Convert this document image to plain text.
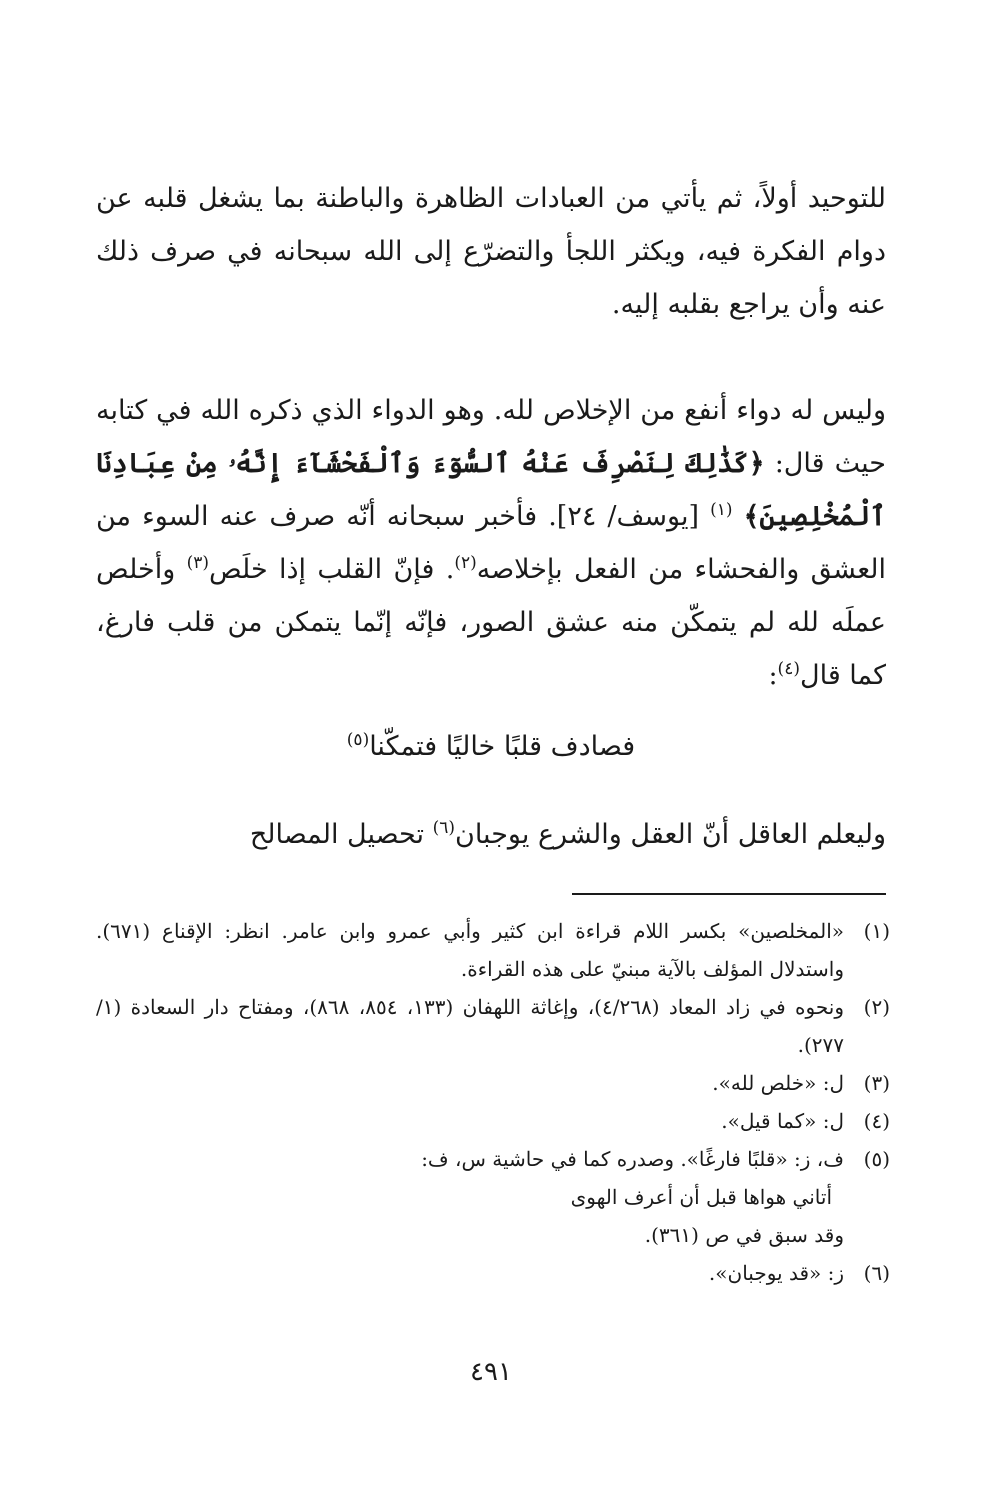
للتوحيد أولاً، ثم يأتي من العبادات الظاهرة والباطنة بما يشغل قلبه عن دوام الفكرة فيه، ويكثر اللجأ والتضرّع إلى الله سبحانه في صرف ذلك عنه وأن يراجع بقلبه إليه.

وليس له دواء أنفع من الإخلاص لله. وهو الدواء الذي ذكره الله في كتابه حيث قال: ﴿كَذَٰلِكَ لِنَصْرِفَ عَنْهُ ٱلسُّوٓءَ وَٱلْفَحْشَآءَ إِنَّهُۥ مِنْ عِبَادِنَا ٱلْمُخْلِصِينَ﴾ $^{(١)}$ [يوسف/ ٢٤]. فأخبر سبحانه أنّه صرف عنه السوء من العشق والفحشاء من الفعل بإخلاصه$^{(٢)}$. فإنّ القلب إذا خلَص$^{(٣)}$ وأخلص عملَه لله لم يتمكّن منه عشق الصور، فإنّه إنّما يتمكن من قلب فارغ، كما قال$^{(٤)}$:

فصادف قلبًا خاليًا فتمكّنا$^{(٥)}$

وليعلم العاقل أنّ العقل والشرع يوجبان$^{(٦)}$ تحصيل المصالح

(١)
«المخلصين» بكسر اللام قراءة ابن كثير وأبي عمرو وابن عامر. انظر: الإقناع (٦٧١). واستدلال المؤلف بالآية مبنيّ على هذه القراءة.
(٢)
ونحوه في زاد المعاد (٤/٢٦٨)، وإغاثة اللهفان (١٣٣، ٨٥٤، ٨٦٨)، ومفتاح دار السعادة (١/ ٢٧٧).
(٣)
ل: «خلص لله».
(٤)
ل: «كما قيل».
(٥)
ف، ز: «قلبًا فارغًا». وصدره كما في حاشية س، ف:
أتاني هواها قبل أن أعرف الهوى
وقد سبق في ص (٣٦١).
(٦)
ز: «قد يوجبان».
٤٩١
